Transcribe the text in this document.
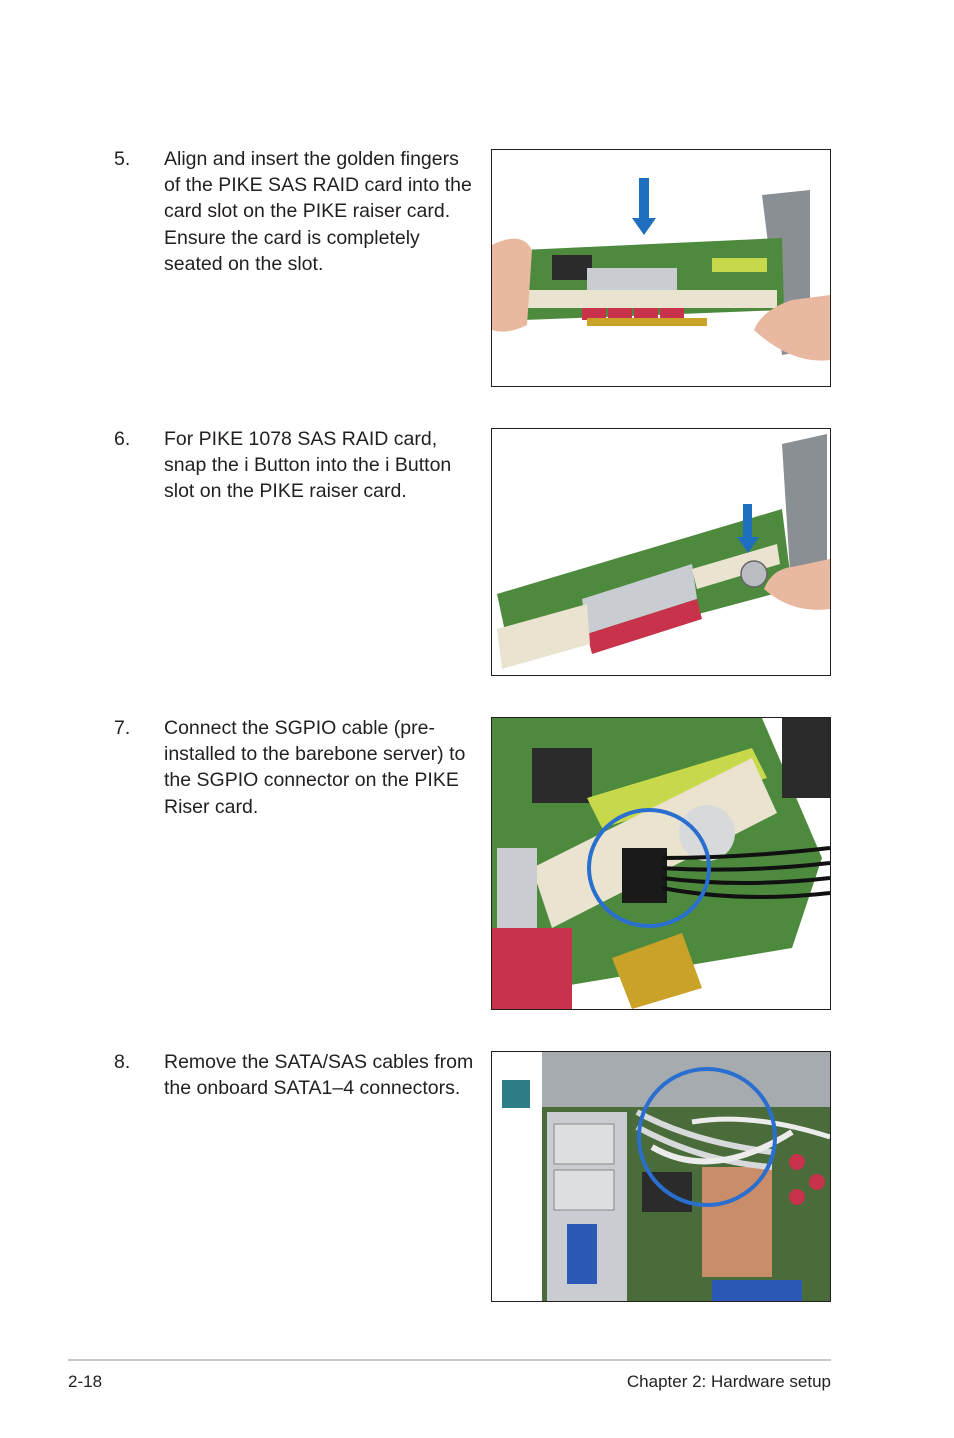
5. Align and insert the golden fingers of the PIKE SAS RAID card into the card slot on the PIKE raiser card. Ensure the card is completely seated on the slot.
6. For PIKE 1078 SAS RAID card, snap the i Button into the i Button slot on the PIKE raiser card.
7. Connect the SGPIO cable (pre-installed to the barebone server) to the SGPIO connector on the PIKE Riser card.
8. Remove the SATA/SAS cables from the onboard SATA1–4 connectors.
2-18	Chapter 2: Hardware setup
